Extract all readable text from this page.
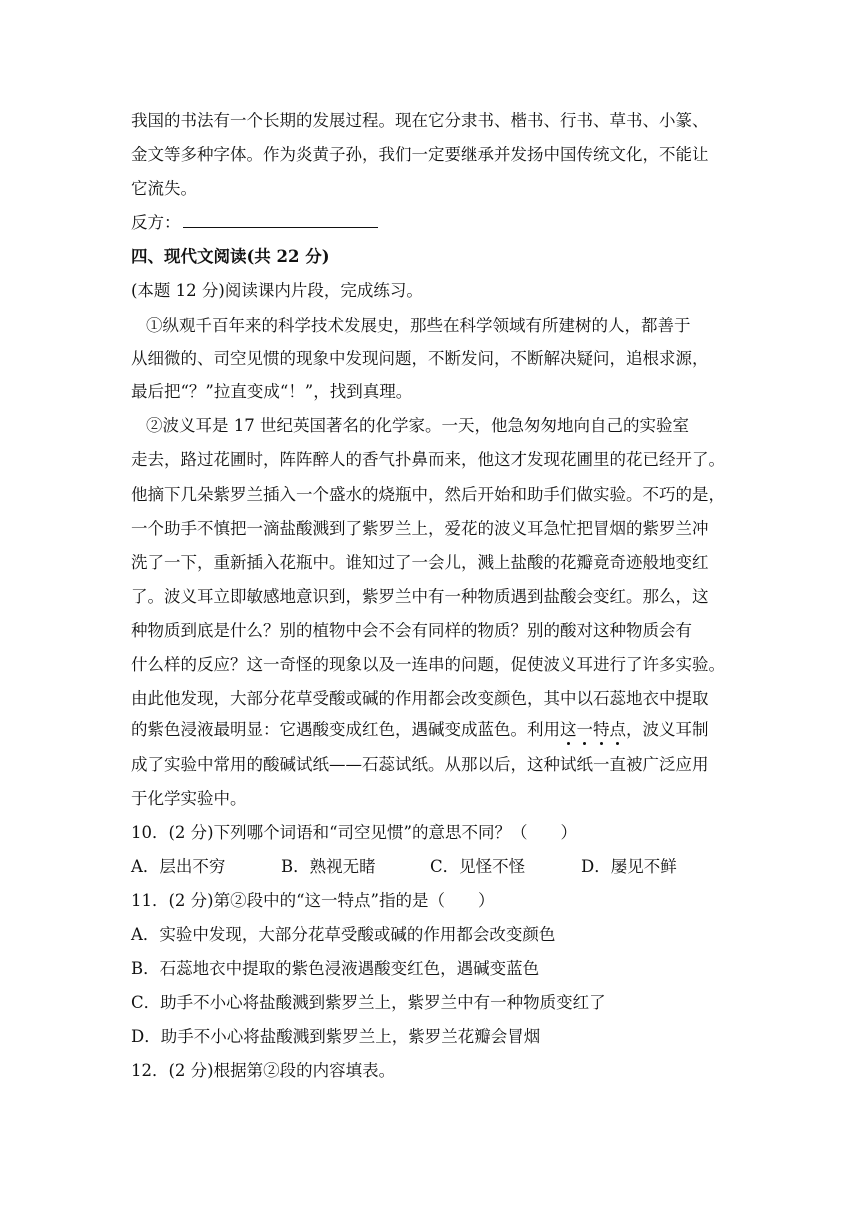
我国的书法有一个长期的发展过程。现在它分隶书、楷书、行书、草书、小篆、
金文等多种字体。作为炎黄子孙，我们一定要继承并发扬中国传统文化，不能让
它流失。
反方：
四、现代文阅读(共 22 分)
(本题 12 分)阅读课内片段，完成练习。
①纵观千百年来的科学技术发展史，那些在科学领域有所建树的人，都善于
从细微的、司空见惯的现象中发现问题，不断发问，不断解决疑问，追根求源，
最后把“？”拉直变成“！”，找到真理。
②波义耳是 17 世纪英国著名的化学家。一天，他急匆匆地向自己的实验室
走去，路过花圃时，阵阵醉人的香气扑鼻而来，他这才发现花圃里的花已经开了。
他摘下几朵紫罗兰插入一个盛水的烧瓶中，然后开始和助手们做实验。不巧的是，
一个助手不慎把一滴盐酸溅到了紫罗兰上，爱花的波义耳急忙把冒烟的紫罗兰冲
洗了一下，重新插入花瓶中。谁知过了一会儿，溅上盐酸的花瓣竟奇迹般地变红
了。波义耳立即敏感地意识到，紫罗兰中有一种物质遇到盐酸会变红。那么，这
种物质到底是什么？别的植物中会不会有同样的物质？别的酸对这种物质会有
什么样的反应？这一奇怪的现象以及一连串的问题，促使波义耳进行了许多实验。
由此他发现，大部分花草受酸或碱的作用都会改变颜色，其中以石蕊地衣中提取
的紫色浸液最明显：它遇酸变成红色，遇碱变成蓝色。利用这一特点，波义耳制
成了实验中常用的酸碱试纸——石蕊试纸。从那以后，这种试纸一直被广泛应用
于化学实验中。
10．(2 分)下列哪个词语和“司空见惯”的意思不同？（　　）
A．层出不穷	B．熟视无睹	C．见怪不怪	D．屡见不鲜
11．(2 分)第②段中的“这一特点”指的是（　　）
A．实验中发现，大部分花草受酸或碱的作用都会改变颜色
B．石蕊地衣中提取的紫色浸液遇酸变红色，遇碱变蓝色
C．助手不小心将盐酸溅到紫罗兰上，紫罗兰中有一种物质变红了
D．助手不小心将盐酸溅到紫罗兰上，紫罗兰花瓣会冒烟
12．(2 分)根据第②段的内容填表。
